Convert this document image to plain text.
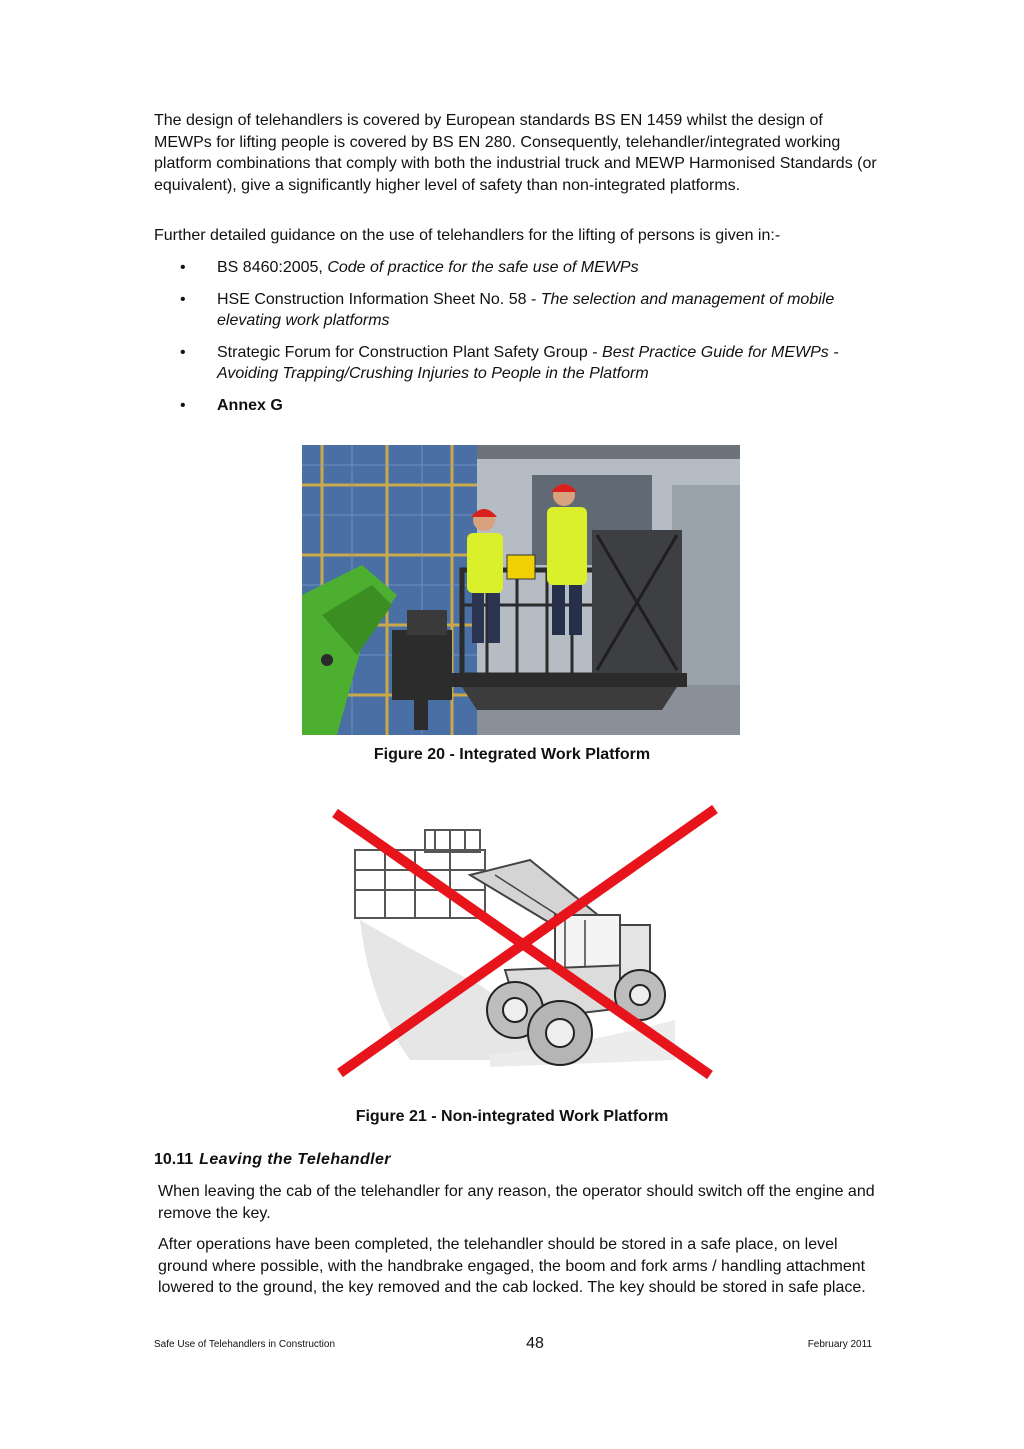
The design of telehandlers is covered by European standards BS EN 1459 whilst the design of MEWPs for lifting people is covered by BS EN 280. Consequently, telehandler/integrated working platform combinations that comply with both the industrial truck and MEWP Harmonised Standards (or equivalent), give a significantly higher level of safety than non-integrated platforms.

Further detailed guidance on the use of telehandlers for the lifting of persons is given in:-

• BS 8460:2005, Code of practice for the safe use of MEWPs
• HSE Construction Information Sheet No. 58 - The selection and management of mobile elevating work platforms
• Strategic Forum for Construction Plant Safety Group - Best Practice Guide for MEWPs - Avoiding Trapping/Crushing Injuries to People in the Platform
• Annex G
Figure 20 - Integrated Work Platform
Figure 21 - Non-integrated Work Platform
10.11 Leaving the Telehandler

When leaving the cab of the telehandler for any reason, the operator should switch off the engine and remove the key.

After operations have been completed, the telehandler should be stored in a safe place, on level ground where possible, with the handbrake engaged, the boom and fork arms / handling attachment lowered to the ground, the key removed and the cab locked. The key should be stored in safe place.

Safe Use of Telehandlers in Construction	48	February 2011
